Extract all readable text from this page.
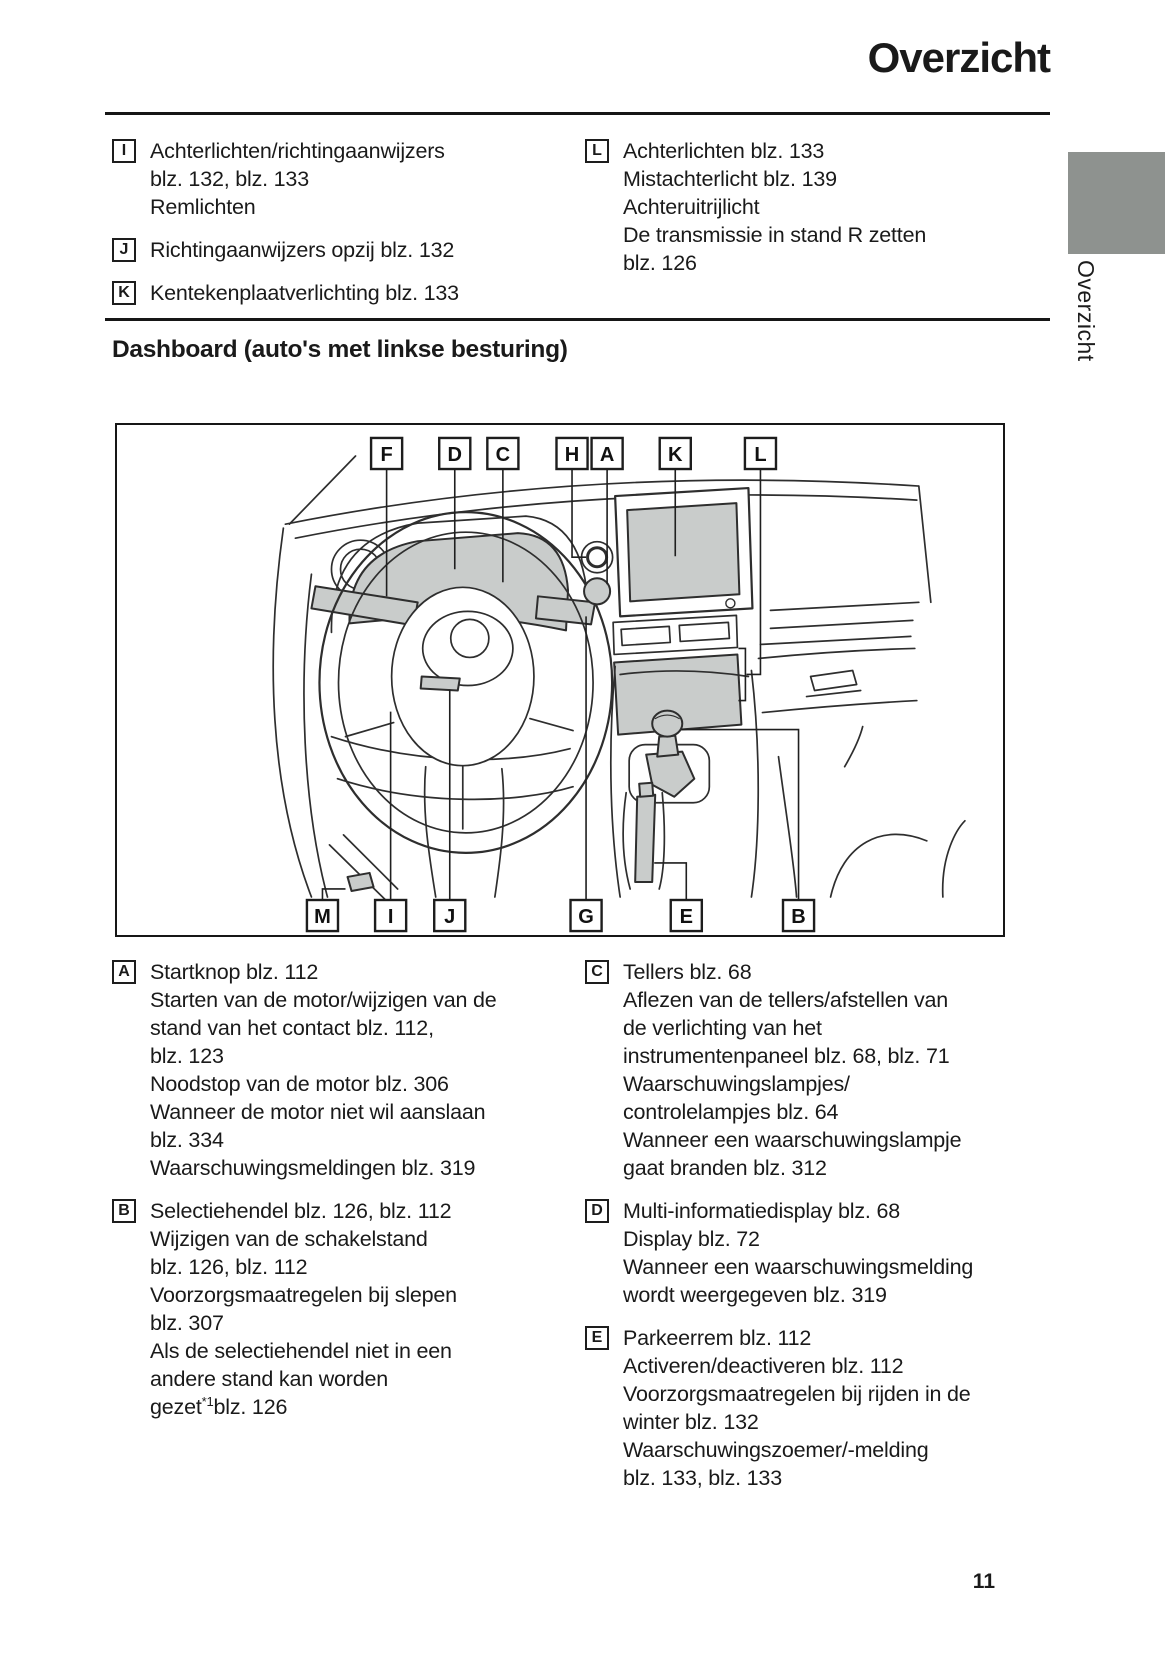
Overzicht
I	Achterlichten/richtingaanwijzers
blz. 132, blz. 133
Remlichten
J	Richtingaanwijzers opzij blz. 132
K Kentekenplaatverlichting blz. 133
L Achterlichten blz. 133
Mistachterlicht blz. 139
Achteruitrijlicht
De transmissie in stand R zetten
blz. 126
Dashboard (auto's met linkse besturing)
F	D C	H A	K	L
M	I	J	G	E	B
A Startknop blz. 112
Starten van de motor/wijzigen van de
stand van het contact blz. 112,
blz. 123
Noodstop van de motor blz. 306
Wanneer de motor niet wil aanslaan
blz. 334
Waarschuwingsmeldingen blz. 319
B Selectiehendel blz. 126, blz. 112
Wijzigen van de schakelstand
blz. 126, blz. 112
Voorzorgsmaatregelen bij slepen
blz. 307
Als de selectiehendel niet in een
andere stand kan worden
gezet$^{*1}$blz. 126
C Tellers blz. 68
Aflezen van de tellers/afstellen van
de verlichting van het
instrumentenpaneel blz. 68, blz. 71
Waarschuwingslampjes/
controlelampjes blz. 64
Wanneer een waarschuwingslampje
gaat branden blz. 312
D Multi-informatiedisplay blz. 68
Display blz. 72
Wanneer een waarschuwingsmelding
wordt weergegeven blz. 319
E Parkeerrem blz. 112
Activeren/deactiveren blz. 112
Voorzorgsmaatregelen bij rijden in de
winter blz. 132
Waarschuwingszoemer/-melding
blz. 133, blz. 133
Overzicht
11
